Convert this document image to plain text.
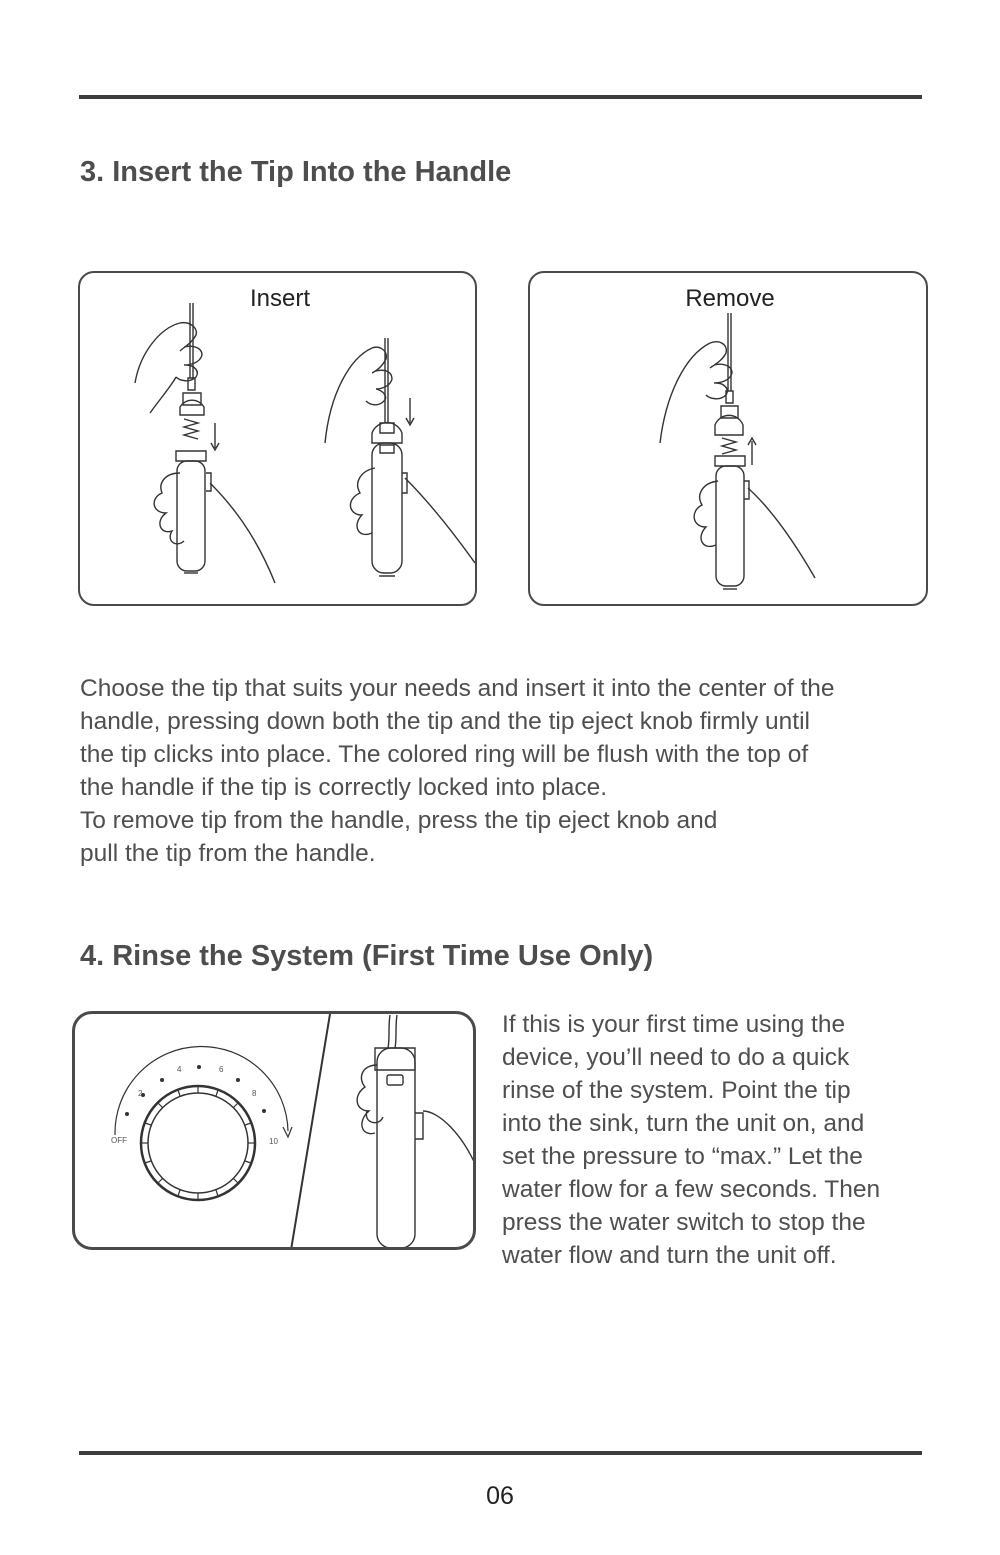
3. Insert the Tip Into the Handle
Insert	Remove

Choose the tip that suits your needs and insert it into the center of the
handle, pressing down both the tip and the tip eject knob firmly until
the tip clicks into place. The colored ring will be flush with the top of
the handle if the tip is correctly locked into place.
To remove tip from the handle, press the tip eject knob and
pull the tip from the handle.

4. Rinse the System (First Time Use Only)
OFF
2
4	6
8
10

If this is your first time using the
device, you’ll need to do a quick
rinse of the system. Point the tip
into the sink, turn the unit on, and
set the pressure to “max.” Let the
water flow for a few seconds. Then
press the water switch to stop the
water flow and turn the unit off.

06
